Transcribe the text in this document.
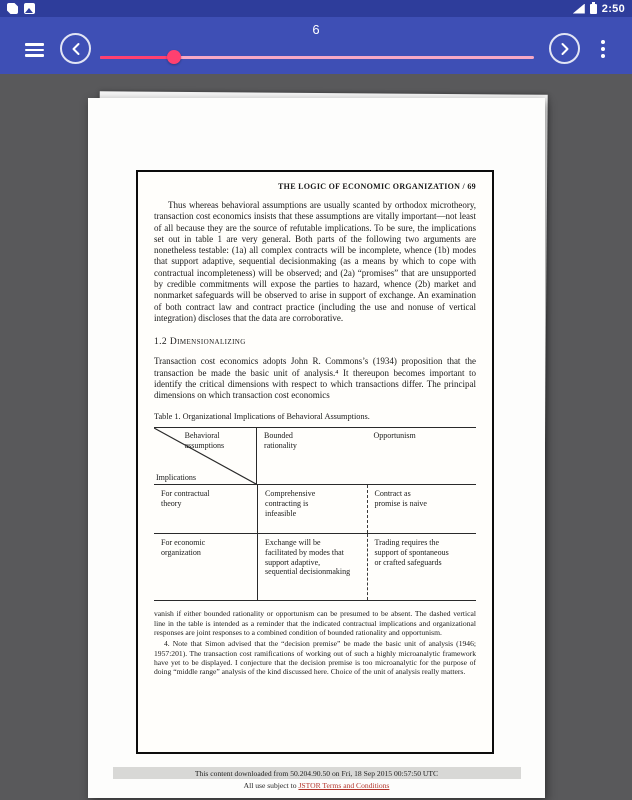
2:50
6
THE LOGIC OF ECONOMIC ORGANIZATION / 69

Thus whereas behavioral assumptions are usually scanted by orthodox microtheory, transaction cost economics insists that these assumptions are vitally important—not least of all because they are the source of refutable implications. To be sure, the implications set out in table 1 are very general. Both parts of the following two arguments are nonetheless testable: (1a) all complex contracts will be incomplete, whence (1b) modes that support adaptive, sequential decisionmaking (as a means by which to cope with contractual incompleteness) will be observed; and (2a) “promises” that are unsupported by credible commitments will expose the parties to hazard, whence (2b) market and nonmarket safeguards will be observed to arise in support of exchange. An examination of both contract law and contract practice (including the use and nonuse of vertical integration) discloses that the data are corroborative.

1.2 Dimensionalizing

Transaction cost economics adopts John R. Commons’s (1934) proposition that the transaction be made the basic unit of analysis.⁴ It thereupon becomes important to identify the critical dimensions with respect to which transactions differ. The principal dimensions on which transaction cost economics

Table 1. Organizational Implications of Behavioral Assumptions.
Behavioral assumptions
Implications
Bounded rationality
Opportunism
For contractual theory
Comprehensive contracting is infeasible
Contract as promise is naive
For economic organization
Exchange will be facilitated by modes that support adaptive, sequential decisionmaking
Trading requires the support of spontaneous or crafted safeguards

vanish if either bounded rationality or opportunism can be presumed to be absent. The dashed vertical line in the table is intended as a reminder that the indicated contractual implications and organizational responses are joint responses to a combined condition of bounded rationality and opportunism.

4. Note that Simon advised that the “decision premise” be made the basic unit of analysis (1946; 1957:201). The transaction cost ramifications of working out of such a highly microanalytic framework have yet to be displayed. I conjecture that the decision premise is too microanalytic for the purpose of doing “middle range” analysis of the kind discussed here. Choice of the unit of analysis really matters.

This content downloaded from 50.204.90.50 on Fri, 18 Sep 2015 00:57:50 UTC
All use subject to JSTOR Terms and Conditions
